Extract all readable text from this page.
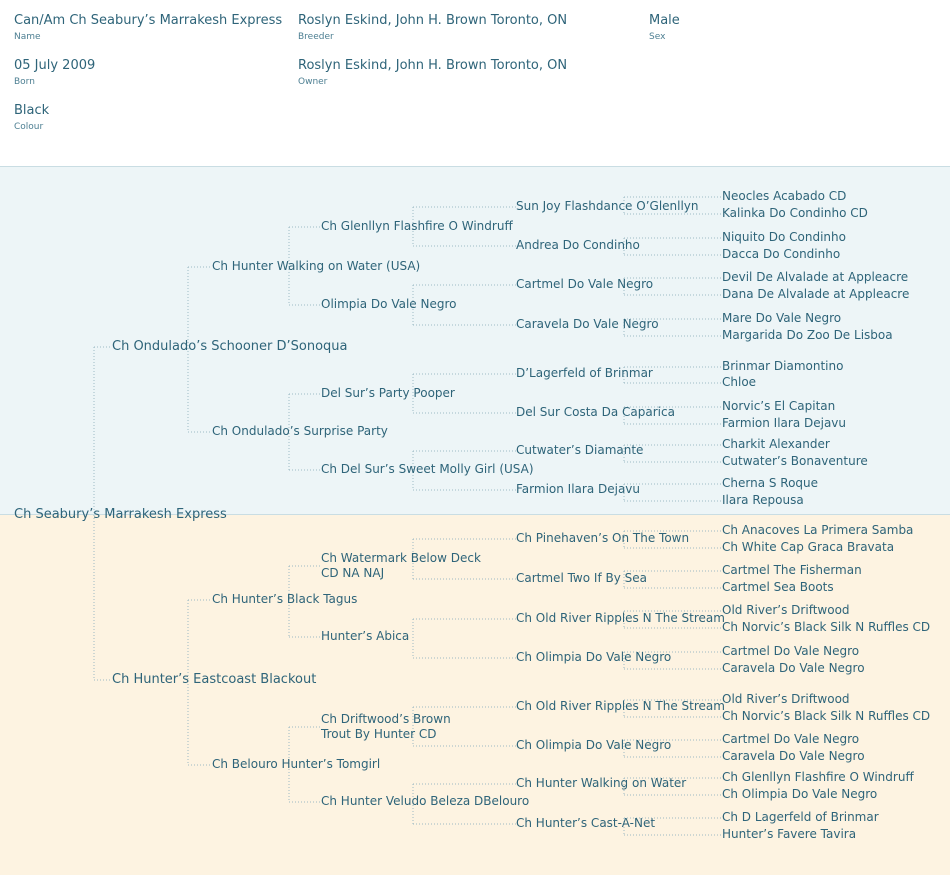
Can/Am Ch Seabury’s Marrakesh Express
Name
Roslyn Eskind, John H. Brown Toronto, ON
Breeder
Male
Sex
05 July 2009
Born
Roslyn Eskind, John H. Brown Toronto, ON
Owner
Black
Colour
Ch Seabury’s Marrakesh Express
Ch Ondulado’s Schooner D’Sonoqua
Ch Hunter’s Eastcoast Blackout
Ch Hunter Walking on Water (USA)
Ch Ondulado’s Surprise Party
Ch Hunter’s Black Tagus
Ch Belouro Hunter’s Tomgirl
Ch Glenllyn Flashfire O Windruff
Olimpia Do Vale Negro
Del Sur’s Party Pooper
Ch Del Sur’s Sweet Molly Girl (USA)
Ch Watermark Below Deck
CD NA NAJ
Hunter’s Abica
Ch Driftwood’s Brown
Trout By Hunter CD
Ch Hunter Veludo Beleza DBelouro
Sun Joy Flashdance O’Glenllyn
Andrea Do Condinho
Cartmel Do Vale Negro
Caravela Do Vale Negro
D’Lagerfeld of Brinmar
Del Sur Costa Da Caparica
Cutwater’s Diamante
Farmion Ilara Dejavu
Ch Pinehaven’s On The Town
Cartmel Two If By Sea
Ch Old River Ripples N The Stream
Ch Olimpia Do Vale Negro
Ch Old River Ripples N The Stream
Ch Olimpia Do Vale Negro
Ch Hunter Walking on Water
Ch Hunter’s Cast-A-Net
Neocles Acabado CD
Kalinka Do Condinho CD
Niquito Do Condinho
Dacca Do Condinho
Devil De Alvalade at Appleacre
Dana De Alvalade at Appleacre
Mare Do Vale Negro
Margarida Do Zoo De Lisboa
Brinmar Diamontino
Chloe
Norvic’s El Capitan
Farmion Ilara Dejavu
Charkit Alexander
Cutwater’s Bonaventure
Cherna S Roque
Ilara Repousa
Ch Anacoves La Primera Samba
Ch White Cap Graca Bravata
Cartmel The Fisherman
Cartmel Sea Boots
Old River’s Driftwood
Ch Norvic’s Black Silk N Ruffles CD
Cartmel Do Vale Negro
Caravela Do Vale Negro
Old River’s Driftwood
Ch Norvic’s Black Silk N Ruffles CD
Cartmel Do Vale Negro
Caravela Do Vale Negro
Ch Glenllyn Flashfire O Windruff
Ch Olimpia Do Vale Negro
Ch D Lagerfeld of Brinmar
Hunter’s Favere Tavira
